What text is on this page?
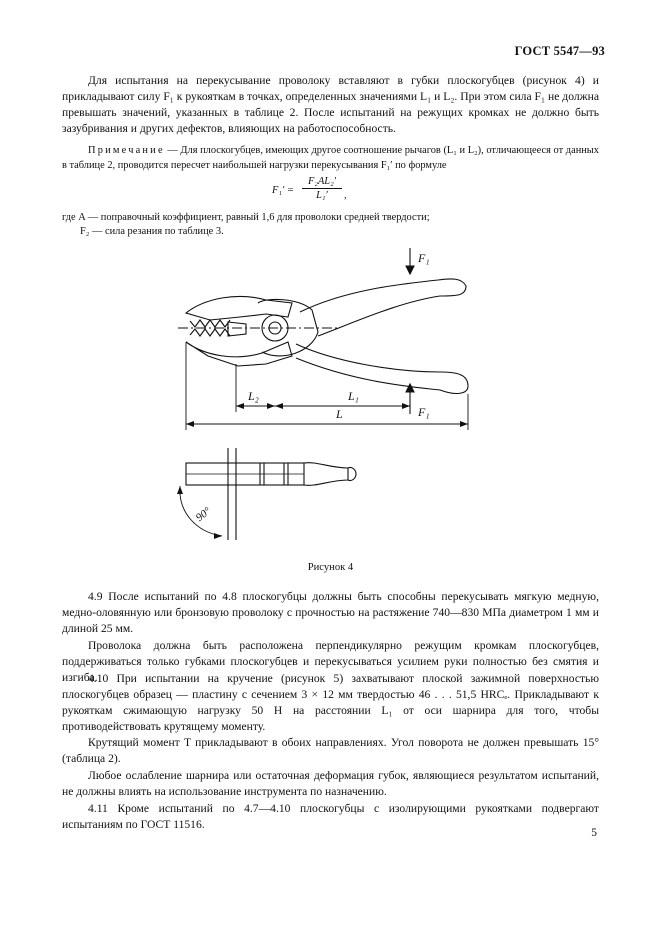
ГОСТ 5547—93

Для испытания на перекусывание проволоку вставляют в губки плоскогубцев (рисунок 4) и прикладывают силу F₁ к рукояткам в точках, определенных значениями L₁ и L₂. При этом сила F₁ не должна превышать значений, указанных в таблице 2. После испытаний на режущих кромках не должно быть зазубривания и других дефектов, влияющих на работоспособность.

Примечание — Для плоскогубцев, имеющих другое соотношение рычагов (L₁ и L₂), отличающееся от данных в таблице 2, проводится пересчет наибольшей нагрузки перекусывания F₁′ по формуле

$F_1' = \frac{\text{F₂AL₂′}}{\text{L₁′}}$ ,

где A — поправочный коэффициент, равный 1,6 для проволоки средней твердости;

F₂ — сила резания по таблице 3.

F₁
F₁
L₂	L₁
L
90°
Рисунок 4

4.9 После испытаний по 4.8 плоскогубцы должны быть способны перекусывать мягкую медную, медно-оловянную или бронзовую проволоку с прочностью на растяжение 740—830 МПа диаметром 1 мм и длиной 25 мм.

Проволока должна быть расположена перпендикулярно режущим кромкам плоскогубцев, поддерживаться только губками плоскогубцев и перекусываться усилием руки полностью без смятия и изгиба.

4.10 При испытании на кручение (рисунок 5) захватывают плоской зажимной поверхностью плоскогубцев образец — пластину с сечением 3 × 12 мм твердостью 46 . . . 51,5 HRCₑ. Прикладывают к рукояткам сжимающую нагрузку 50 Н на расстоянии L₁ от оси шарнира для того, чтобы противодействовать крутящему моменту.

Крутящий момент T прикладывают в обоих направлениях. Угол поворота не должен превышать 15° (таблица 2).

Любое ослабление шарнира или остаточная деформация губок, являющиеся результатом испытаний, не должны влиять на использование инструмента по назначению.

4.11 Кроме испытаний по 4.7—4.10 плоскогубцы с изолирующими рукоятками подвергают испытаниям по ГОСТ 11516.

5
